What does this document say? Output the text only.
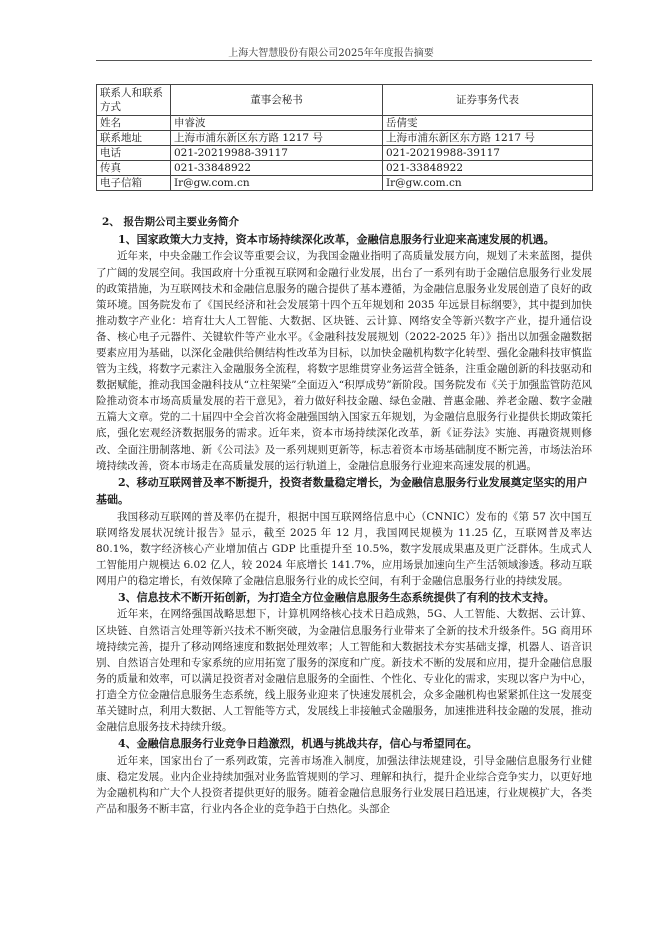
上海大智慧股份有限公司2025年年度报告摘要
联系人和联系方式	董事会秘书	证券事务代表
姓名	申睿波	岳倩雯
联系地址	上海市浦东新区东方路 1217 号	上海市浦东新区东方路 1217 号
电话	021-20219988-39117	021-20219988-39117
传真	021-33848922	021-33848922
电子信箱	Ir@gw.com.cn	Ir@gw.com.cn

2、 报告期公司主要业务简介

1、国家政策大力支持，资本市场持续深化改革，金融信息服务行业迎来高速发展的机遇。

近年来，中央金融工作会议等重要会议，为我国金融业指明了高质量发展方向，规划了未来蓝图，提供了广阔的发展空间。我国政府十分重视互联网和金融行业发展，出台了一系列有助于金融信息服务行业发展的政策措施，为互联网技术和金融信息服务的融合提供了基本遵循，为金融信息服务业发展创造了良好的政策环境。国务院发布了《国民经济和社会发展第十四个五年规划和 2035 年远景目标纲要》，其中提到加快推动数字产业化：培育壮大人工智能、大数据、区块链、云计算、网络安全等新兴数字产业，提升通信设备、核心电子元器件、关键软件等产业水平。《金融科技发展规划（2022-2025 年）》指出以加强金融数据要素应用为基础，以深化金融供给侧结构性改革为目标，以加快金融机构数字化转型、强化金融科技审慎监管为主线，将数字元素注入金融服务全流程，将数字思维贯穿业务运营全链条，注重金融创新的科技驱动和数据赋能，推动我国金融科技从“立柱架梁”全面迈入“积厚成势”新阶段。国务院发布《关于加强监管防范风险推动资本市场高质量发展的若干意见》，着力做好科技金融、绿色金融、普惠金融、养老金融、数字金融五篇大文章。党的二十届四中全会首次将金融强国纳入国家五年规划，为金融信息服务行业提供长期政策托底，强化宏观经济数据服务的需求。近年来，资本市场持续深化改革，新《证券法》实施、再融资规则修改、全面注册制落地、新《公司法》及一系列规则更新等，标志着资本市场基础制度不断完善，市场法治环境持续改善，资本市场走在高质量发展的运行轨道上，金融信息服务行业迎来高速发展的机遇。

2、移动互联网普及率不断提升，投资者数量稳定增长，为金融信息服务行业发展奠定坚实的用户基础。

我国移动互联网的普及率仍在提升，根据中国互联网络信息中心（CNNIC）发布的《第 57 次中国互联网络发展状况统计报告》显示，截至 2025 年 12 月，我国网民规模为 11.25 亿，互联网普及率达 80.1%，数字经济核心产业增加值占 GDP 比重提升至 10.5%，数字发展成果惠及更广泛群体。生成式人工智能用户规模达 6.02 亿人，较 2024 年底增长 141.7%，应用场景加速向生产生活领域渗透。移动互联网用户的稳定增长，有效保障了金融信息服务行业的成长空间，有利于金融信息服务行业的持续发展。

3、信息技术不断开拓创新，为打造全方位金融信息服务生态系统提供了有利的技术支持。

近年来，在网络强国战略思想下，计算机网络核心技术日趋成熟，5G、人工智能、大数据、云计算、区块链、自然语言处理等新兴技术不断突破，为金融信息服务行业带来了全新的技术升级条件。5G 商用环境持续完善，提升了移动网络速度和数据处理效率；人工智能和大数据技术夯实基础支撑，机器人、语音识别、自然语言处理和专家系统的应用拓宽了服务的深度和广度。新技术不断的发展和应用，提升金融信息服务的质量和效率，可以满足投资者对金融信息服务的全面性、个性化、专业化的需求，实现以客户为中心，打造全方位金融信息服务生态系统，线上服务业迎来了快速发展机会，众多金融机构也紧紧抓住这一发展变革关键时点，利用大数据、人工智能等方式，发展线上非接触式金融服务，加速推进科技金融的发展，推动金融信息服务技术持续升级。

4、金融信息服务行业竞争日趋激烈，机遇与挑战共存，信心与希望同在。

近年来，国家出台了一系列政策，完善市场准入制度，加强法律法规建设，引导金融信息服务行业健康、稳定发展。业内企业持续加强对业务监管规则的学习、理解和执行，提升企业综合竞争实力，以更好地为金融机构和广大个人投资者提供更好的服务。随着金融信息服务行业发展日趋迅速，行业规模扩大，各类产品和服务不断丰富，行业内各企业的竞争趋于白热化。头部企
